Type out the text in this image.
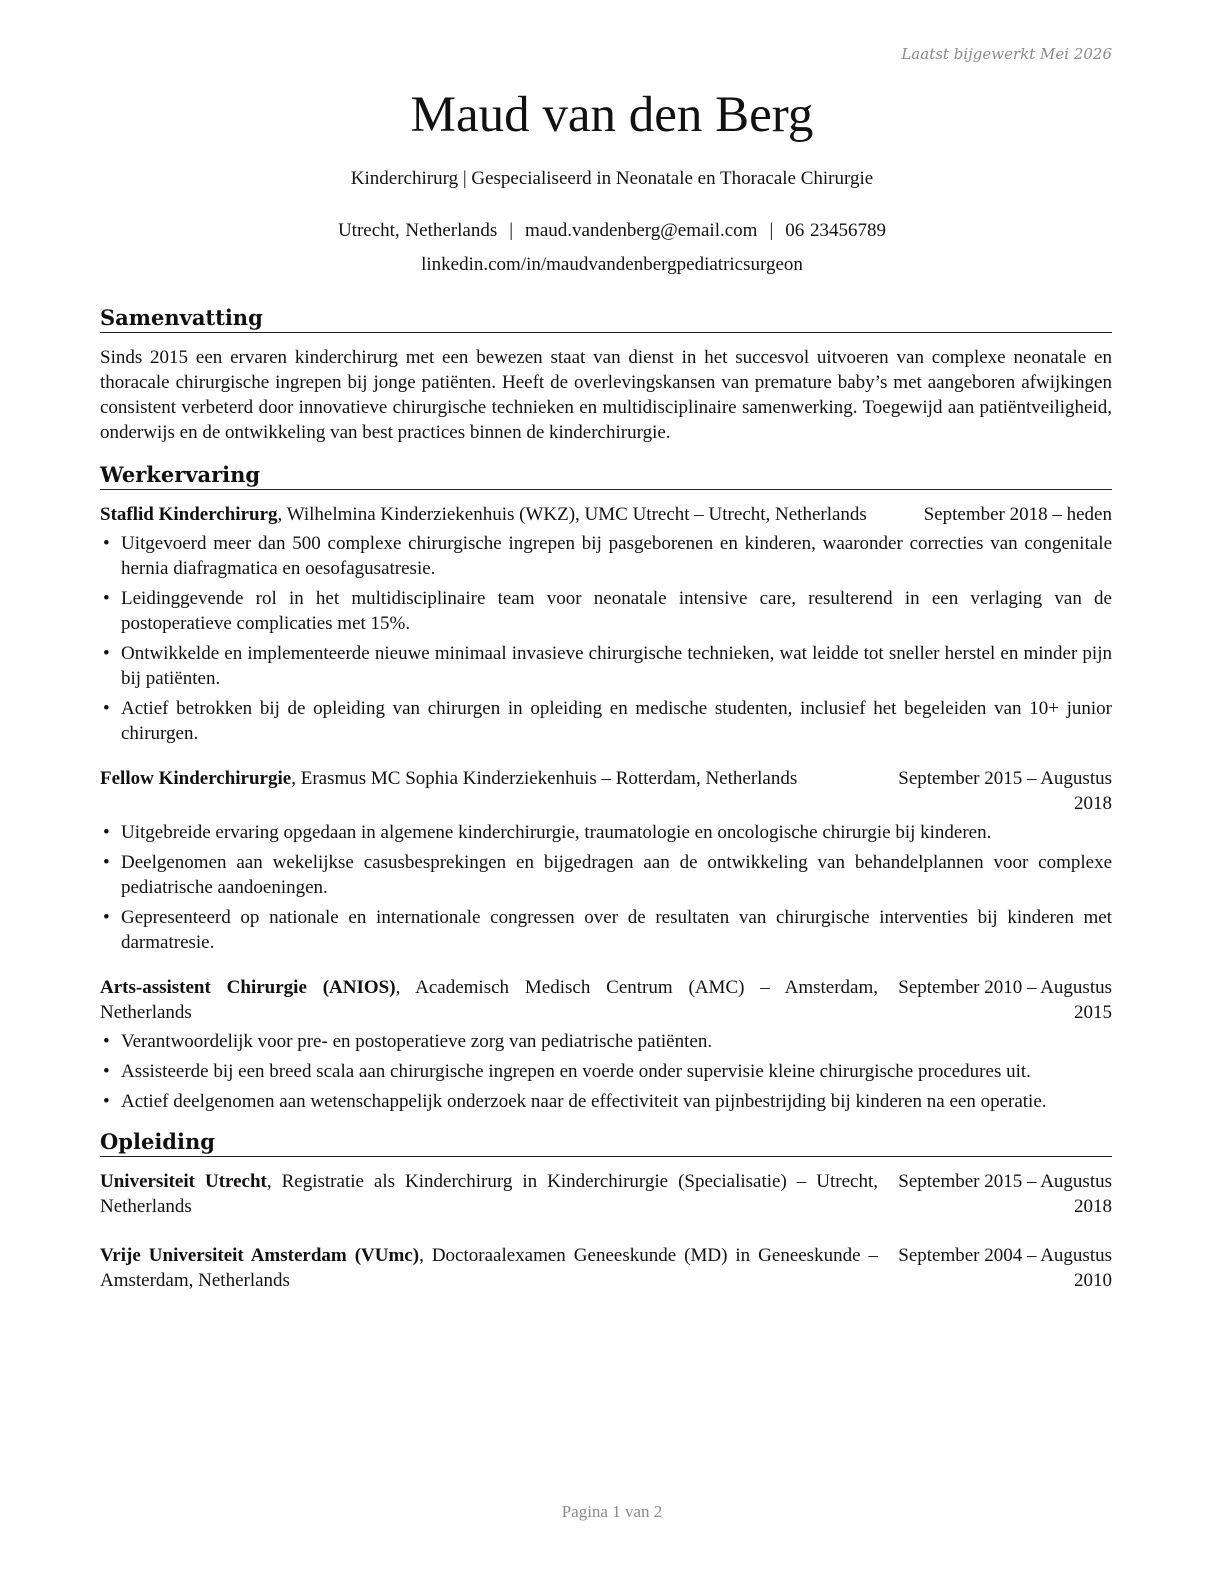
Laatst bijgewerkt Mei 2026
Maud van den Berg
Kinderchirurg | Gespecialiseerd in Neonatale en Thoracale Chirurgie
Utrecht, Netherlands | maud.vandenberg@email.com | 06 23456789
linkedin.com/in/maudvandenbergpediatricsurgeon
Samenvatting

Sinds 2015 een ervaren kinderchirurg met een bewezen staat van dienst in het succesvol uitvoeren van complexe neonatale en thoracale chirurgische ingrepen bij jonge patiënten. Heeft de overlevingskansen van premature baby’s met aangeboren afwijkingen consistent verbeterd door innovatieve chirurgische technieken en multidisciplinaire samenwerking. Toegewijd aan patiëntveiligheid, onderwijs en de ontwikkeling van best practices binnen de kinderchirurgie.

Werkervaring
Staflid Kinderchirurg, Wilhelmina Kinderziekenhuis (WKZ), UMC Utrecht – Utrecht, Netherlands	September 2018 – heden
• Uitgevoerd meer dan 500 complexe chirurgische ingrepen bij pasgeborenen en kinderen, waaronder correcties van congenitale hernia diafragmatica en oesofagusatresie.
• Leidinggevende rol in het multidisciplinaire team voor neonatale intensive care, resulterend in een verlaging van de postoperatieve complicaties met 15%.
• Ontwikkelde en implementeerde nieuwe minimaal invasieve chirurgische technieken, wat leidde tot sneller herstel en minder pijn bij patiënten.
• Actief betrokken bij de opleiding van chirurgen in opleiding en medische studenten, inclusief het begeleiden van 10+ junior chirurgen.
Fellow Kinderchirurgie, Erasmus MC Sophia Kinderziekenhuis – Rotterdam, Netherlands	September 2015 – Augustus 2018
• Uitgebreide ervaring opgedaan in algemene kinderchirurgie, traumatologie en oncologische chirurgie bij kinderen.
• Deelgenomen aan wekelijkse casusbesprekingen en bijgedragen aan de ontwikkeling van behandelplannen voor complexe pediatrische aandoeningen.
• Gepresenteerd op nationale en internationale congressen over de resultaten van chirurgische interventies bij kinderen met darmatresie.
Arts-assistent Chirurgie (ANIOS), Academisch Medisch Centrum (AMC) – Amsterdam, Netherlands
September 2010 – Augustus 2015
• Verantwoordelijk voor pre- en postoperatieve zorg van pediatrische patiënten.
• Assisteerde bij een breed scala aan chirurgische ingrepen en voerde onder supervisie kleine chirurgische procedures uit.
• Actief deelgenomen aan wetenschappelijk onderzoek naar de effectiviteit van pijnbestrijding bij kinderen na een operatie.
Opleiding
Universiteit Utrecht, Registratie als Kinderchirurg in Kinderchirurgie (Specialisatie) – Utrecht, Netherlands
September 2015 – Augustus 2018
Vrije Universiteit Amsterdam (VUmc), Doctoraalexamen Geneeskunde (MD) in Geneeskunde – Amsterdam, Netherlands
September 2004 – Augustus 2010
Pagina 1 van 2
